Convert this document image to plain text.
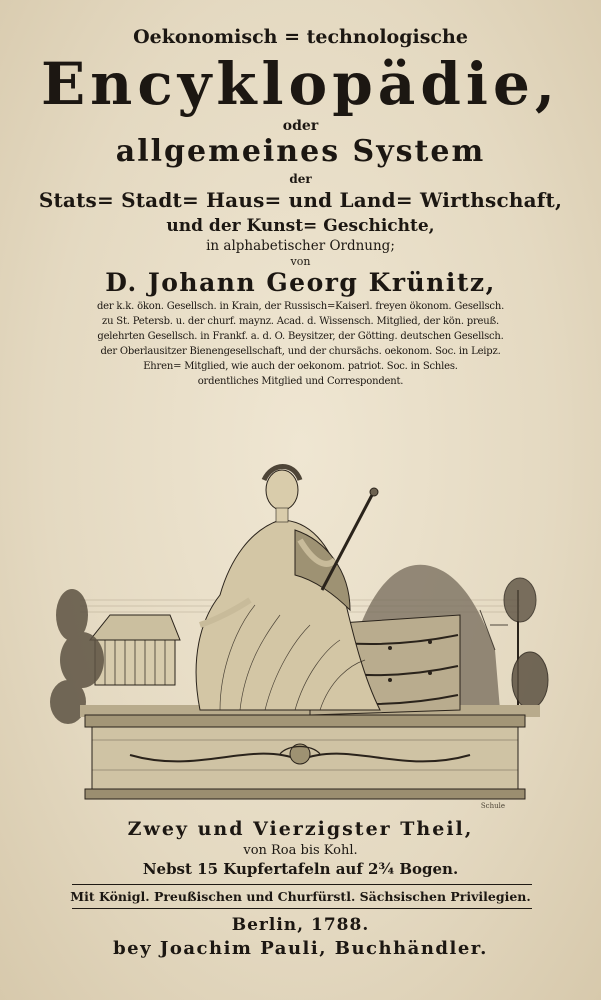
Oekonomisch = technologische
Encyklopädie,
oder
allgemeines System
der
Stats= Stadt= Haus= und Land= Wirthschaft,
und der Kunst= Geschichte,
in alphabetischer Ordnung;
von
D. Johann Georg Krünitz,
der k.k. ökon. Gesellsch. in Krain, der Russisch=Kaiserl. freyen ökonom. Gesellsch.
zu St. Petersb. u. der churf. maynz. Acad. d. Wissensch. Mitglied, der kön. preuß.
gelehrten Gesellsch. in Frankf. a. d. O. Beysitzer, der Götting. deutschen Gesellsch.
der Oberlausitzer Bienengesellschaft, und der chursächs. oekonom. Soc. in Leipz.
Ehren= Mitglied, wie auch der oekonom. patriot. Soc. in Schles.
ordentliches Mitglied und Correspondent.
Schule
Zwey und Vierzigster Theil,
von Roa bis Kohl.
Nebst 15 Kupfertafeln auf 2¾ Bogen.
Mit Königl. Preußischen und Churfürstl. Sächsischen Privilegien.
Berlin, 1788.
bey Joachim Pauli, Buchhändler.
